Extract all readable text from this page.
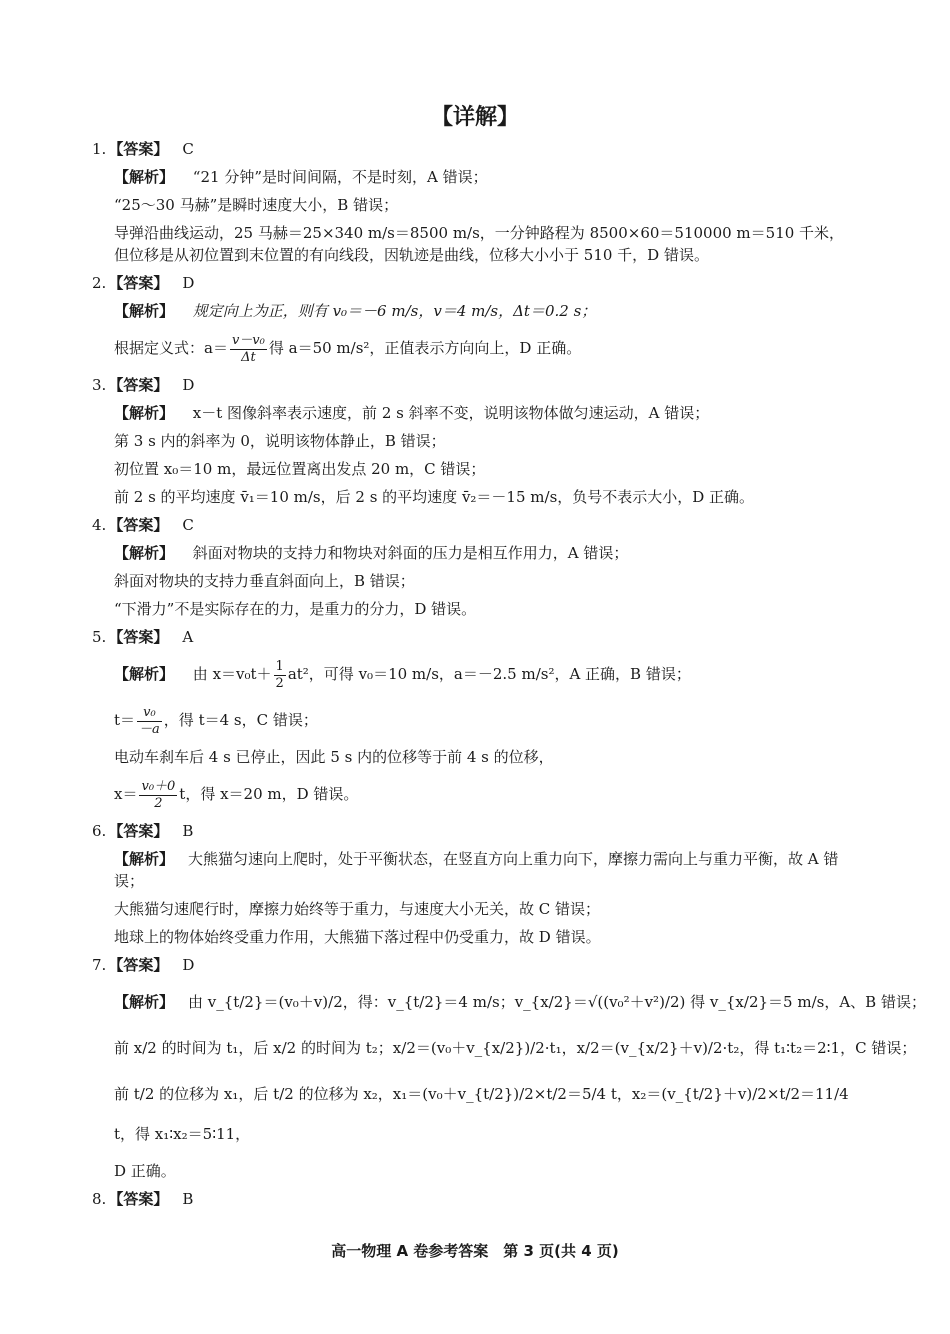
【详解】
1. 【答案】 C
【解析】 “21 分钟”是时间间隔，不是时刻，A 错误；
“25～30 马赫”是瞬时速度大小，B 错误；
导弹沿曲线运动，25 马赫＝25×340 m/s＝8500 m/s，一分钟路程为 8500×60＝510000 m＝510 千米，但位移是从初位置到末位置的有向线段，因轨迹是曲线，位移大小小于 510 千，D 错误。
2. 【答案】 D
【解析】 规定向上为正，则有 v₀＝－6 m/s，v＝4 m/s，Δt＝0.2 s；
根据定义式：$a= \frac{\text{v－v₀}}{\Delta t}$ 得 a＝50 m/s²，正值表示方向向上，D 正确。
3. 【答案】 D
【解析】 x－t 图像斜率表示速度，前 2 s 斜率不变，说明该物体做匀速运动，A 错误；
第 3 s 内的斜率为 0，说明该物体静止，B 错误；
初位置 x₀＝10 m，最远位置离出发点 20 m，C 错误；
前 2 s 的平均速度 v̄₁＝10 m/s，后 2 s 的平均速度 v̄₂＝－15 m/s，负号不表示大小，D 正确。
4. 【答案】 C
【解析】 斜面对物块的支持力和物块对斜面的压力是相互作用力，A 错误；
斜面对物块的支持力垂直斜面向上，B 错误；
“下滑力”不是实际存在的力，是重力的分力，D 错误。
5. 【答案】 A
【解析】 由 $x=v_0t+ \frac{1}{2} at^2$，可得 v₀＝10 m/s，a＝－2.5 m/s²，A 正确，B 错误；
$t= \frac{\text{v₀}}{-a}$ ，得 t＝4 s，C 错误；
电动车刹车后 4 s 已停止，因此 5 s 内的位移等于前 4 s 的位移，
$x= \frac{\text{v₀＋0}}{2}$ t，得 x＝20 m，D 错误。
6. 【答案】 B
【解析】 大熊猫匀速向上爬时，处于平衡状态，在竖直方向上重力向下，摩擦力需向上与重力平衡，故 A 错误；
大熊猫匀速爬行时，摩擦力始终等于重力，与速度大小无关，故 C 错误；
地球上的物体始终受重力作用，大熊猫下落过程中仍受重力，故 D 错误。
7. 【答案】 D
【解析】 由 v_{t/2}＝(v₀＋v)/2，得：v_{t/2}＝4 m/s；v_{x/2}＝√((v₀²＋v²)/2) 得 v_{x/2}＝5 m/s，A、B 错误；
前 x/2 的时间为 t₁，后 x/2 的时间为 t₂；x/2＝(v₀＋v_{x/2})/2·t₁，x/2＝(v_{x/2}＋v)/2·t₂，得 t₁∶t₂＝2∶1，C 错误；
前 t/2 的位移为 x₁，后 t/2 的位移为 x₂，x₁＝(v₀＋v_{t/2})/2×t/2＝5/4 t，x₂＝(v_{t/2}＋v)/2×t/2＝11/4 t，得 x₁∶x₂＝5∶11，
D 正确。
8. 【答案】 B
高一物理 A 卷参考答案　第 3 页(共 4 页)
